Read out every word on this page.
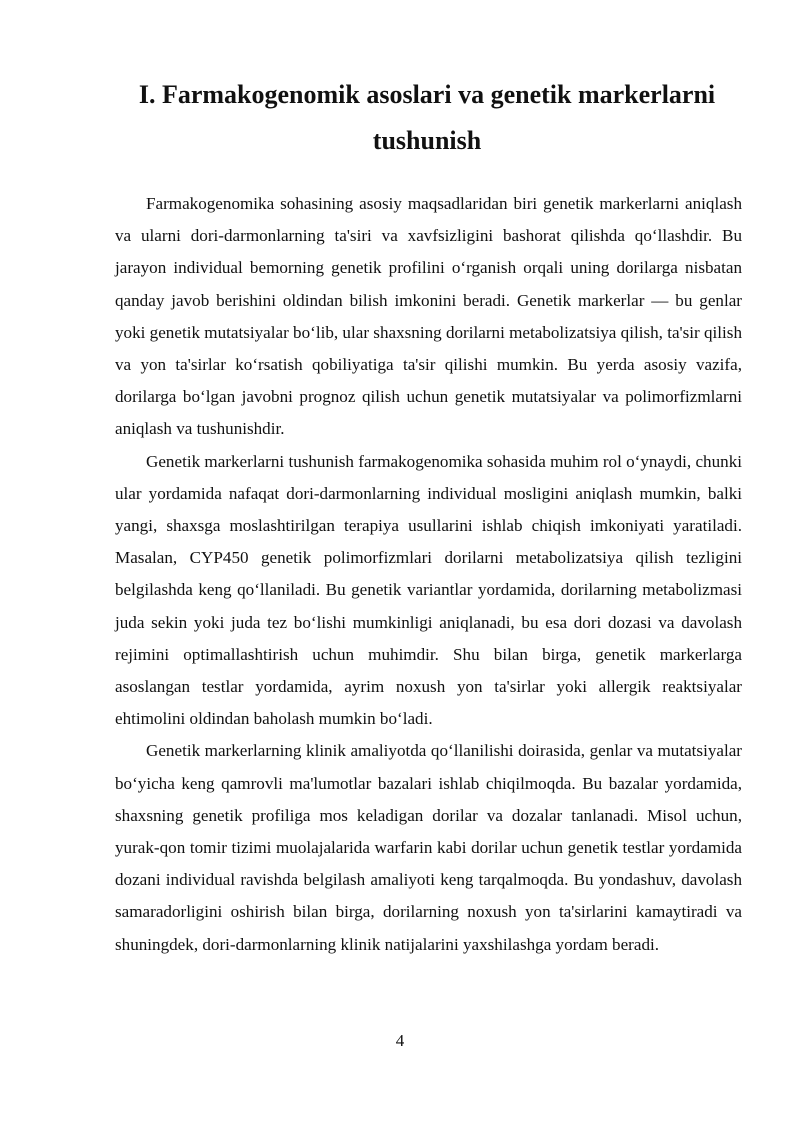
I. Farmakogenomik asoslari va genetik markerlarni tushunish

Farmakogenomika sohasining asosiy maqsadlaridan biri genetik markerlarni aniqlash va ularni dori-darmonlarning ta'siri va xavfsizligini bashorat qilishda qo‘llashdir. Bu jarayon individual bemorning genetik profilini o‘rganish orqali uning dorilarga nisbatan qanday javob berishini oldindan bilish imkonini beradi. Genetik markerlar — bu genlar yoki genetik mutatsiyalar bo‘lib, ular shaxsning dorilarni metabolizatsiya qilish, ta'sir qilish va yon ta'sirlar ko‘rsatish qobiliyatiga ta'sir qilishi mumkin. Bu yerda asosiy vazifa, dorilarga bo‘lgan javobni prognoz qilish uchun genetik mutatsiyalar va polimorfizmlarni aniqlash va tushunishdir.

Genetik markerlarni tushunish farmakogenomika sohasida muhim rol o‘ynaydi, chunki ular yordamida nafaqat dori-darmonlarning individual mosligini aniqlash mumkin, balki yangi, shaxsga moslashtirilgan terapiya usullarini ishlab chiqish imkoniyati yaratiladi. Masalan, CYP450 genetik polimorfizmlari dorilarni metabolizatsiya qilish tezligini belgilashda keng qo‘llaniladi. Bu genetik variantlar yordamida, dorilarning metabolizmasi juda sekin yoki juda tez bo‘lishi mumkinligi aniqlanadi, bu esa dori dozasi va davolash rejimini optimallashtirish uchun muhimdir. Shu bilan birga, genetik markerlarga asoslangan testlar yordamida, ayrim noxush yon ta'sirlar yoki allergik reaktsiyalar ehtimolini oldindan baholash mumkin bo‘ladi.

Genetik markerlarning klinik amaliyotda qo‘llanilishi doirasida, genlar va mutatsiyalar bo‘yicha keng qamrovli ma'lumotlar bazalari ishlab chiqilmoqda. Bu bazalar yordamida, shaxsning genetik profiliga mos keladigan dorilar va dozalar tanlanadi. Misol uchun, yurak-qon tomir tizimi muolajalarida warfarin kabi dorilar uchun genetik testlar yordamida dozani individual ravishda belgilash amaliyoti keng tarqalmoqda. Bu yondashuv, davolash samaradorligini oshirish bilan birga, dorilarning noxush yon ta'sirlarini kamaytiradi va shuningdek, dori-darmonlarning klinik natijalarini yaxshilashga yordam beradi.

4
